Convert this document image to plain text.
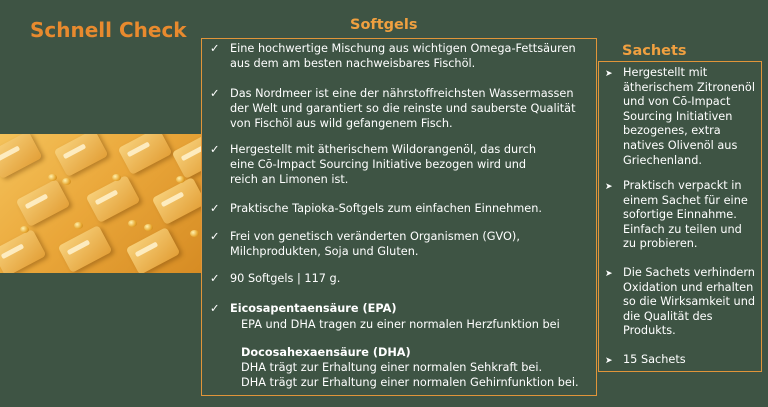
Schnell Check	Softgels
Sachets
✓ Eine hochwertige Mischung aus wichtigen Omega-Fettsäuren aus dem am besten nachweisbares Fischöl.
✓ Das Nordmeer ist eine der nährstoffreichsten Wassermassen der Welt und garantiert so die reinste und sauberste Qualität von Fischöl aus wild gefangenem Fisch.
✓ Hergestellt mit ätherischem Wildorangenöl, das durch eine Cō-Impact Sourcing Initiative bezogen wird und reich an Limonen ist.
✓ Praktische Tapioka-Softgels zum einfachen Einnehmen.
✓ Frei von genetisch veränderten Organismen (GVO), Milchprodukten, Soja und Gluten.
✓ 90 Softgels | 117 g.
✓ Eicosapentaensäure (EPA)
EPA und DHA tragen zu einer normalen Herzfunktion bei
Docosahexaensäure (DHA)
DHA trägt zur Erhaltung einer normalen Sehkraft bei.
DHA trägt zur Erhaltung einer normalen Gehirnfunktion bei.
➤ Hergestellt mit ätherischem Zitronenöl und von Cō-Impact Sourcing Initiativen bezogenes, extra natives Olivenöl aus Griechenland.
➤ Praktisch verpackt in einem Sachet für eine sofortige Einnahme. Einfach zu teilen und zu probieren.
➤ Die Sachets verhindern Oxidation und erhalten so die Wirksamkeit und die Qualität des Produkts.
➤ 15 Sachets
